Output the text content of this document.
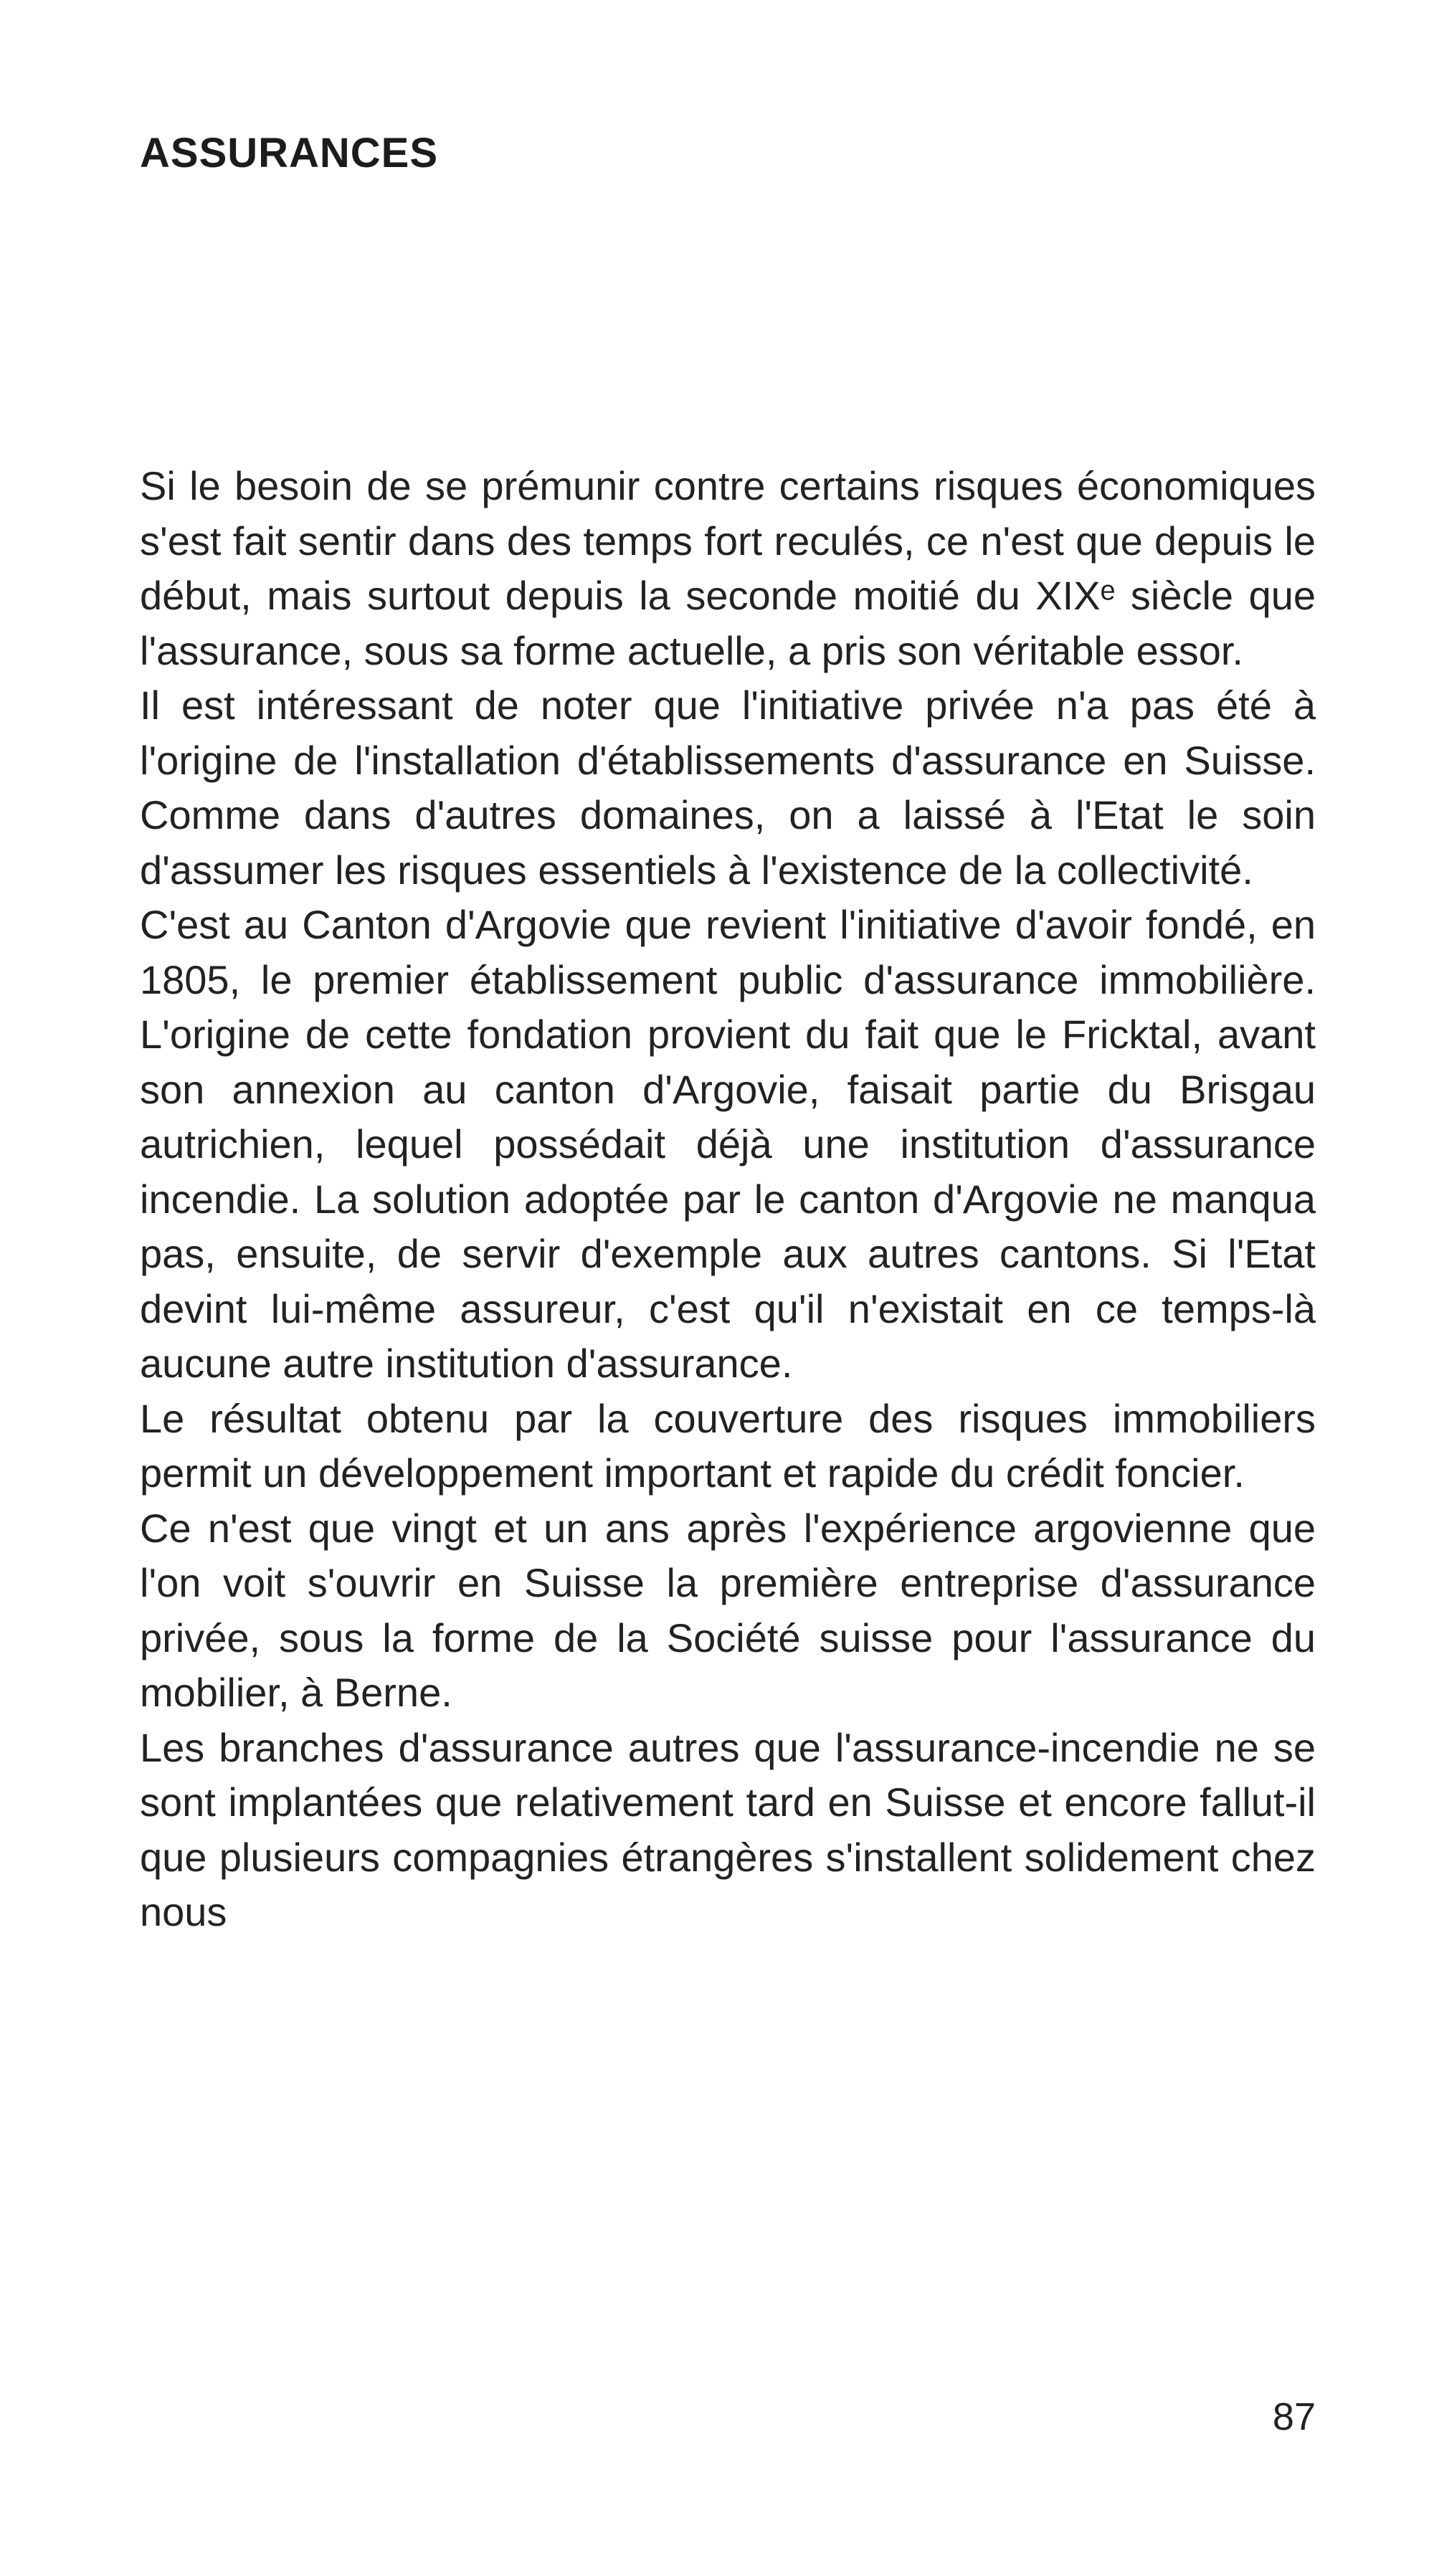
ASSURANCES

Si le besoin de se prémunir contre certains risques économiques s'est fait sentir dans des temps fort reculés, ce n'est que depuis le début, mais surtout depuis la seconde moitié du XIXᵉ siècle que l'assurance, sous sa forme actuelle, a pris son véritable essor.

Il est intéressant de noter que l'initiative privée n'a pas été à l'origine de l'installation d'établissements d'assurance en Suisse. Comme dans d'autres domaines, on a laissé à l'Etat le soin d'assumer les risques essentiels à l'existence de la collectivité.

C'est au Canton d'Argovie que revient l'initiative d'avoir fondé, en 1805, le premier établissement public d'assurance immobilière. L'origine de cette fondation provient du fait que le Fricktal, avant son annexion au canton d'Argovie, faisait partie du Brisgau autrichien, lequel possédait déjà une institution d'assurance incendie. La solution adoptée par le canton d'Argovie ne manqua pas, ensuite, de servir d'exemple aux autres cantons. Si l'Etat devint lui-même assureur, c'est qu'il n'existait en ce temps-là aucune autre institution d'assurance.

Le résultat obtenu par la couverture des risques immobiliers permit un développement important et rapide du crédit foncier.

Ce n'est que vingt et un ans après l'expérience argovienne que l'on voit s'ouvrir en Suisse la première entreprise d'assurance privée, sous la forme de la Société suisse pour l'assurance du mobilier, à Berne.

Les branches d'assurance autres que l'assurance-incendie ne se sont implantées que relativement tard en Suisse et encore fallut-il que plusieurs compagnies étrangères s'installent solidement chez nous

87
